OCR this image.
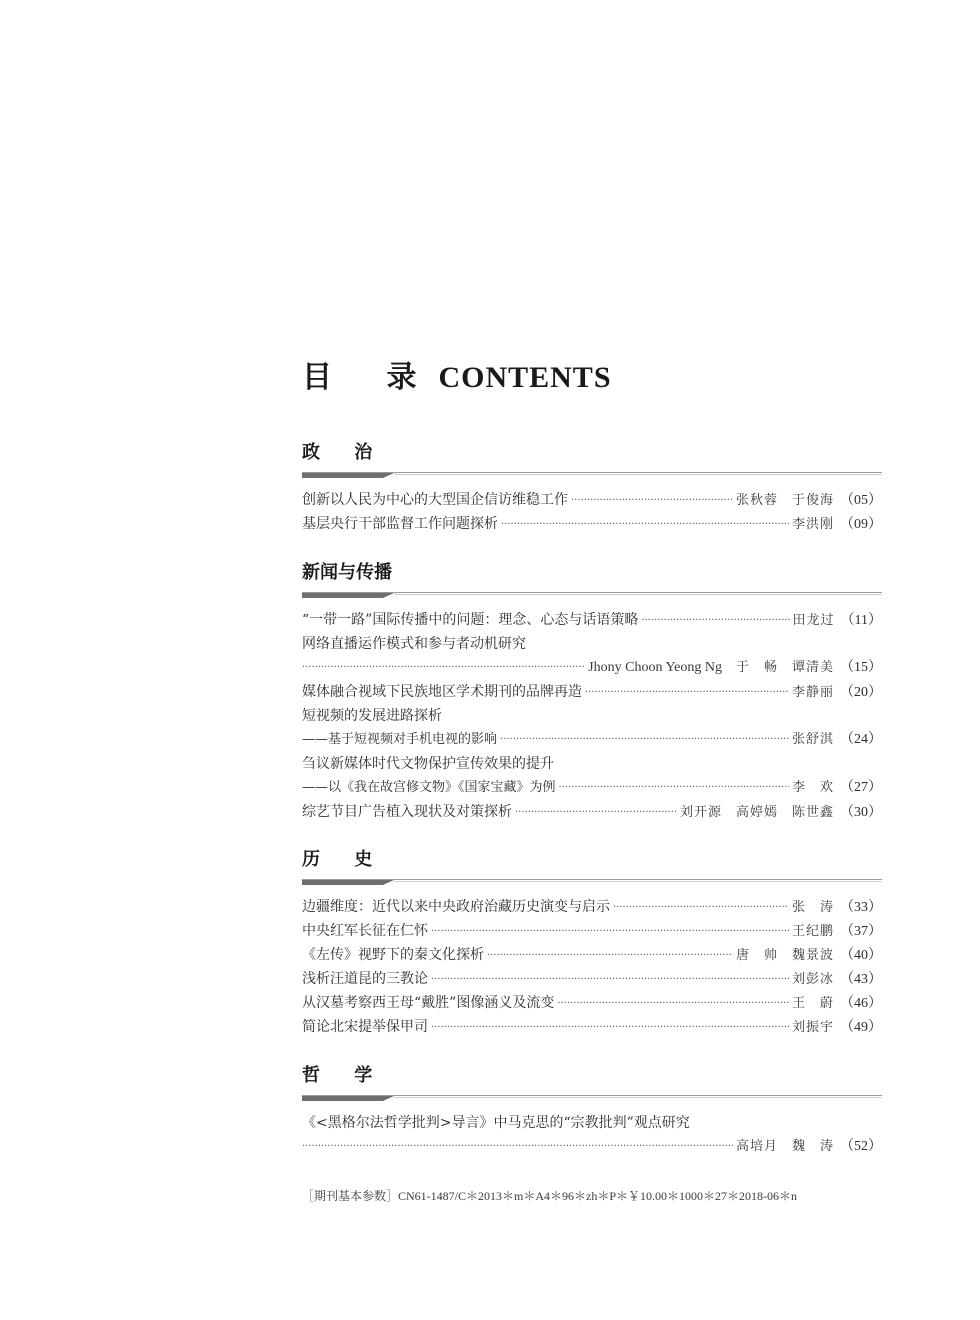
目 录CONTENTS
政 治
创新以人民为中心的大型国企信访维稳工作 ·····	张秋蓉　于俊海 （05）
基层央行干部监督工作问题探析 ·····	李洪刚 （09）
新闻与传播
“一带一路”国际传播中的问题：理念、心态与话语策略 ·····	田龙过 （11）
网络直播运作模式和参与者动机研究
·····
Jhony Choon Yeong Ng 于　畅　谭清美 （15）
媒体融合视域下民族地区学术期刊的品牌再造 ·····	李静丽 （20）
短视频的发展进路探析
——基于短视频对手机电视的影响 ·····	张舒淇 （24）
刍议新媒体时代文物保护宣传效果的提升
——以《我在故宫修文物》《国家宝藏》为例 ·····	李　欢 （27）
综艺节目广告植入现状及对策探析 ·····	刘开源　高婷嫣　陈世鑫 （30）
历 史
边疆维度：近代以来中央政府治藏历史演变与启示 ·····	张　涛 （33）
中央红军长征在仁怀 ·····	王纪鹏 （37）
《左传》视野下的秦文化探析 ·····	唐　帅　魏景波 （40）
浅析汪道昆的三教论 ·····	刘彭冰 （43）
从汉墓考察西王母“戴胜”图像涵义及流变 ·····	王　蔚 （46）
简论北宋提举保甲司 ·····	刘振宇 （49）
哲 学
《<黑格尔法哲学批判>导言》中马克思的“宗教批判”观点研究
·····
高培月　魏　涛 （52）
［期刊基本参数］CN61-1487/C＊2013＊m＊A4＊96＊zh＊P＊￥10.00＊1000＊27＊2018-06＊n
